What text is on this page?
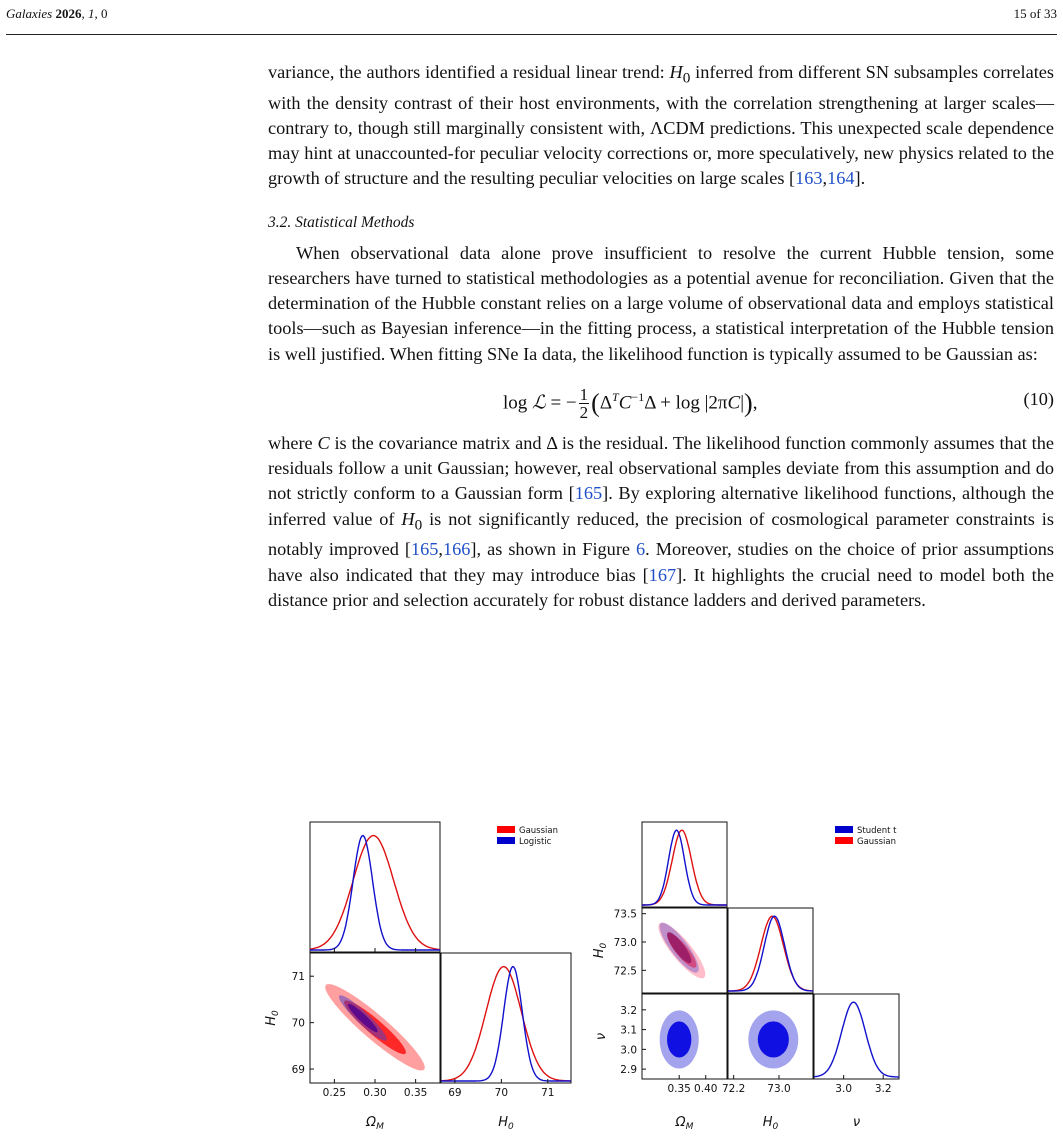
Galaxies 2026, 1, 0	15 of 33

variance, the authors identified a residual linear trend: $H_0$ inferred from different SN subsamples correlates with the density contrast of their host environments, with the correlation strengthening at larger scales—contrary to, though still marginally consistent with, ΛCDM predictions. This unexpected scale dependence may hint at unaccounted-for peculiar velocity corrections or, more speculatively, new physics related to the growth of structure and the resulting peculiar velocities on large scales [163,164].

3.2. Statistical Methods

When observational data alone prove insufficient to resolve the current Hubble tension, some researchers have turned to statistical methodologies as a potential avenue for reconciliation. Given that the determination of the Hubble constant relies on a large volume of observational data and employs statistical tools—such as Bayesian inference—in the fitting process, a statistical interpretation of the Hubble tension is well justified. When fitting SNe Ia data, the likelihood function is typically assumed to be Gaussian as:

log ℒ = − $\frac{1}{2} (\Delta^TC^{-1}\Delta + \log |2\pi C|)$,	(10)

where C is the covariance matrix and Δ is the residual. The likelihood function commonly assumes that the residuals follow a unit Gaussian; however, real observational samples deviate from this assumption and do not strictly conform to a Gaussian form [165]. By exploring alternative likelihood functions, although the inferred value of $H_0$ is not significantly reduced, the precision of cosmological parameter constraints is notably improved [165,166], as shown in Figure 6. Moreover, studies on the choice of prior assumptions have also indicated that they may introduce bias [167]. It highlights the crucial need to model both the distance prior and selection accurately for robust distance ladders and derived parameters.

0.25 0.30 0.35
69
70
71
69	70	71
$\Omega_M$	$H_0$
$H_0$
Gaussian
Logistic
0.35 0.40 72.2 73.0	3.0 3.2
72.5
73.0
73.5
2.9
3.0
3.1
3.2
$\Omega_M$	$H_0$	ν
$H_0$
ν
Student t
Gaussian
